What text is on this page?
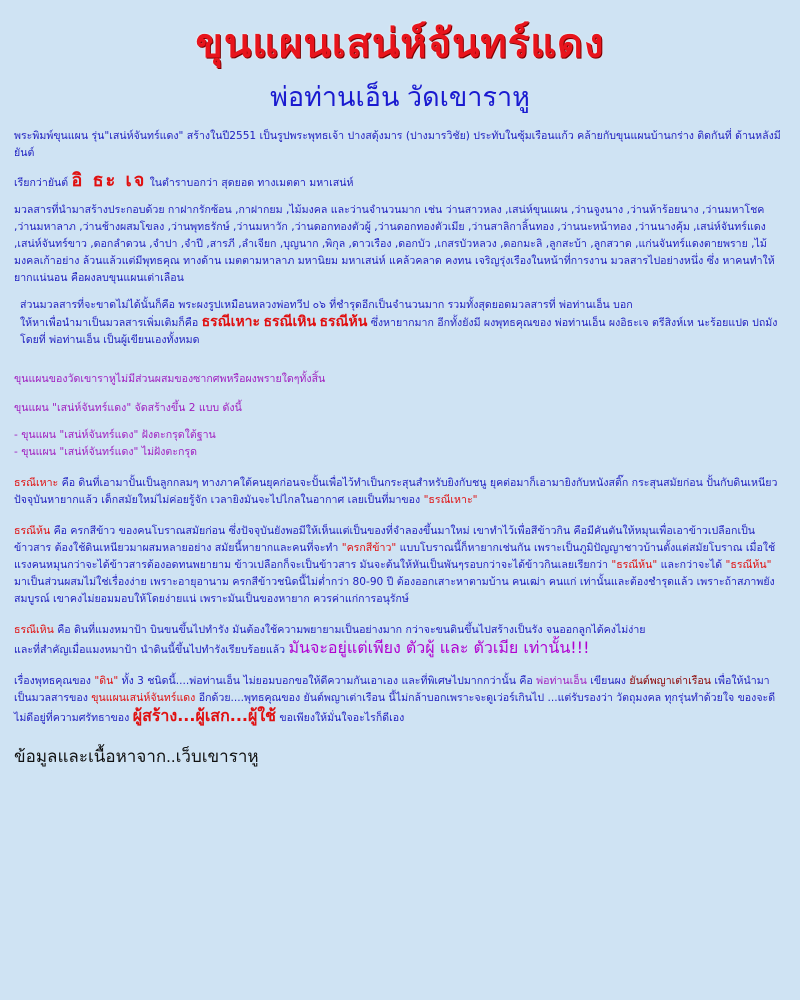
ขุนแผนเสน่ห์จันทร์แดง
พ่อท่านเอ็น วัดเขาราหู

พระพิมพ์ขุนแผน รุ่น"เสน่ห์จันทร์แดง" สร้างในปี2551 เป็นรูปพระพุทธเจ้า ปางสดุ้งมาร (ปางมารวิชัย) ประทับในซุ้มเรือนแก้ว คล้ายกับขุนแผนบ้านกร่าง ติดกันที่ ด้านหลังมียันต์

เรียกว่ายันต์ อิ ธะ เจ ในตำราบอกว่า สุดยอด ทางเมตตา มหาเสน่ห์

มวลสารที่นำมาสร้างประกอบด้วย กาฝากรักซ้อน ,กาฝากยม ,ไม้มงคล และว่านจำนวนมาก เช่น ว่านสาวหลง ,เสน่ห์ขุนแผน ,ว่านจูงนาง ,ว่านห้าร้อยนาง ,ว่านมหาโชค ,ว่านมหาลาภ ,ว่านช้างผสมโขลง ,ว่านพุทธรักษ์ ,ว่านมหาวัก ,ว่านดอกทองตัวผู้ ,ว่านดอกทองตัวเมีย ,ว่านสาลิกาลิ้นทอง ,ว่านนะหน้าทอง ,ว่านนางคุ้ม ,เสน่ห์จันทร์แดง ,เสน่ห์จันทร์ขาว ,ดอกลำดวน ,จำปา ,จำปี ,สารภี ,ลำเจียก ,บุญนาก ,พิกุล ,ดาวเรือง ,ดอกบัว ,เกสรบัวหลวง ,ดอกมะลิ ,ลูกสะบ้า ,ลูกสวาด ,แก่นจันทร์แดงตายพราย ,ไม้มงคลเก้าอย่าง ล้วนแล้วแต่มีพุทธคุณ ทางด้าน เมตตามหาลาภ มหานิยม มหาเสน่ห์ แคล้วคลาด คงทน เจริญรุ่งเรืองในหน้าที่การงาน มวลสารไปอย่างหนึ่ง ซึ่ง หาคนทำให้ยากแน่นอน คือผงลบขุนแผนเต่าเลือน

ส่วนมวลสารที่จะขาดไม่ได้นั้นก็คือ พระผงรูปเหมือนหลวงพ่อทวีป ๐๖ ที่ชำรุดอีกเป็นจำนวนมาก รวมทั้งสุดยอดมวลสารที่ พ่อท่านเอ็น บอก

ให้หาเพื่อนำมาเป็นมวลสารเพิ่มเติมก็คือ ธรณีเหาะ ธรณีเหิน ธรณีห้น ซึ่งหายากมาก อีกทั้งยังมี ผงพุทธคุณของ พ่อท่านเอ็น ผงอิธะเจ ตรีสิงห์เห นะร้อยแปด ปถมังโดยที่ พ่อท่านเอ็น เป็นผู้เขียนเองทั้งหมด

ขุนแผนของวัดเขาราหูไม่มีส่วนผสมของซากศพหรือผงพรายใดๆทั้งสิ้น

ขุนแผน "เสน่ห์จันทร์แดง" จัดสร้างขึ้น 2 แบบ ดังนี้

- ขุนแผน "เสน่ห์จันทร์แดง" ฝังตะกรุดใต้ฐาน

- ขุนแผน "เสน่ห์จันทร์แดง" ไม่ฝังตะกรุด

ธรณีเหาะ คือ ดินที่เอามาปั้นเป็นลูกกลมๆ ทางภาคใต้คนยุคก่อนจะปั้นเพื่อไว้ทำเป็นกระสุนสำหรับยิงกับชนู ยุคต่อมาก็เอามายิงกับหนังสติ๊ก กระสุนสมัยก่อน ปั้นกับดินเหนียว ปัจจุบันหายากแล้ว เด็กสมัยใหม่ไม่ค่อยรู้จัก เวลายิงมันจะไปไกลในอากาศ เลยเป็นที่มาของ "ธรณีเหาะ"

ธรณีห้น คือ ครกสีข้าว ของคนโบราณสมัยก่อน ซึ่งปัจจุบันยังพอมีให้เห็นแต่เป็นของที่จำลองขึ้นมาใหม่ เขาทำไว้เพื่อสีข้าวกิน คือมีคันตันให้หมุนเพื่อเอาข้าวเปลือกเป็นข้าวสาร ต้องใช้ดินเหนียวมาผสมหลายอย่าง สมัยนี้หายากและคนที่จะทำ "ครกสีข้าว" แบบโบราณนี้ก็หายากเช่นกัน เพราะเป็นภูมิปัญญาชาวบ้านตั้งแต่สมัยโบราณ เมื่อใช้แรงคนหมุนกว่าจะได้ข้าวสารต้องอดทนพยายาม ข้าวเปลือกก็จะเป็นข้าวสาร มันจะต้นให้หันเป็นพันๆรอบกว่าจะได้ข้าวกินเลยเรียกว่า "ธรณีห้น" และกว่าจะได้ "ธรณีห้น" มาเป็นส่วนผสมไม่ใช่เรื่องง่าย เพราะอายุอานาม ครกสีข้าวชนิดนี้ไม่ต่ำกว่า 80-90 ปี ต้องออกเสาะหาตามบ้าน คนเฒ่า คนแก่ เท่านั้นและต้องชำรุดแล้ว เพราะถ้าสภาพยังสมบูรณ์ เขาคงไม่ยอมมอบให้โดยง่ายแน่ เพราะมันเป็นของหายาก ควรค่าแก่การอนุรักษ์

ธรณีเหิน คือ ดินที่แมงหมาป้า บินขนขึ้นไปทำรัง มันต้องใช้ความพยายามเป็นอย่างมาก กว่าจะขนดินขึ้นไปสร้างเป็นรัง จนออกลูกได้คงไม่ง่าย

และที่สำคัญเมื่อแมงหมาป้า นำดินนี้ขึ้นไปทำรังเรียบร้อยแล้ว มันจะอยู่แต่เพียง ตัวผู้ และ ตัวเมีย เท่านั้น!!!

เรื่องพุทธคุณของ "ดิน" ทั้ง 3 ชนิดนี้....พ่อท่านเอ็น ไม่ยอมบอกขอให้ดีความกันเอาเอง และที่พิเศษไปมากกว่านั้น คือ พ่อท่านเอ็น เขียนผง ยันต์พญาเต่าเรือน เพื่อให้นำมาเป็นมวลสารของ ขุนแผนเสน่ห์จันทร์แดง อีกด้วย....พุทธคุณของ ยันต์พญาเต่าเรือน นี้ไม่กล้าบอกเพราะจะดูเว่อร์เกินไป ...แต่รับรองว่า วัตถุมงคล ทุกรุ่นทำด้วยใจ ของจะดีไม่ดีอยู่ที่ความศรัทธาของ ผู้สร้าง...ผู้เสก...ผู้ใช้ ขอเพียงให้มั่นใจอะไรก็ดีเอง

ข้อมูลและเนื้อหาจาก..เว็บเขาราหู
